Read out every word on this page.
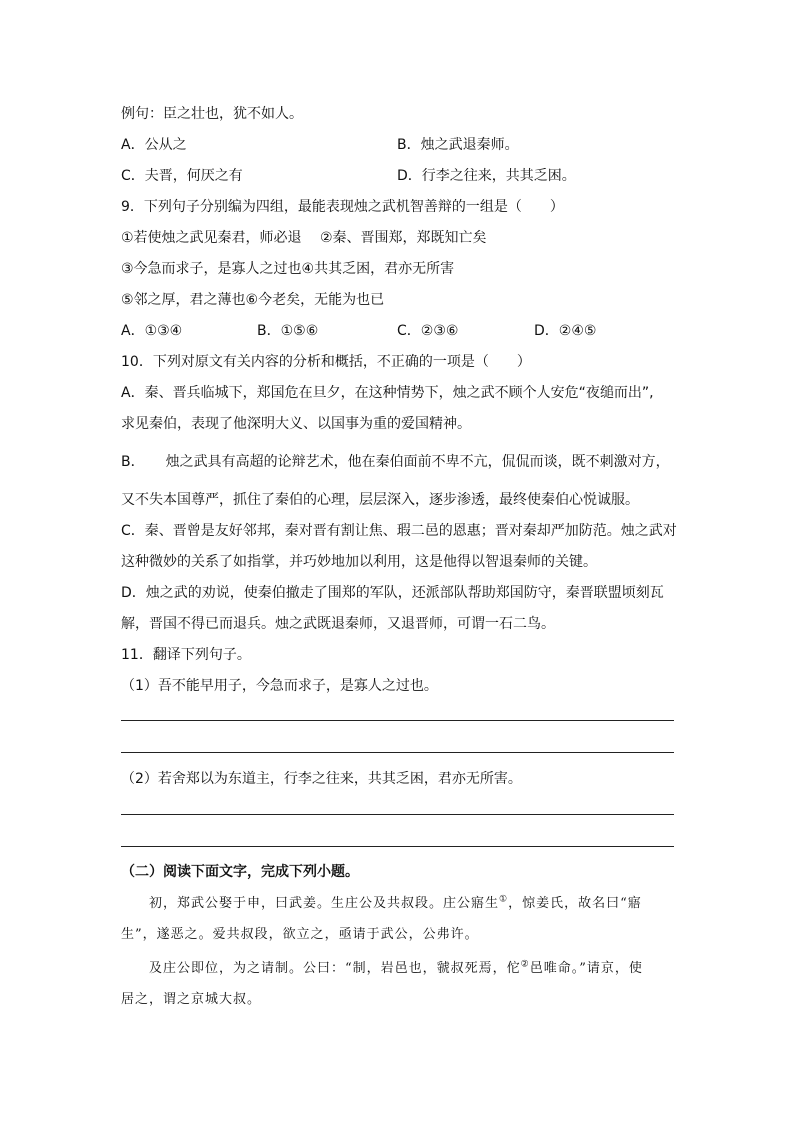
例句：臣之壮也，犹不如人。
A．公从之	B．烛之武退秦师。
C．夫晋，何厌之有	D．行李之往来，共其乏困。
9．下列句子分别编为四组，最能表现烛之武机智善辩的一组是（　　）
①若使烛之武见秦君，师必退　 ②秦、晋围郑，郑既知亡矣
③今急而求子，是寡人之过也④共其乏困，君亦无所害
⑤邻之厚，君之薄也⑥今老矣，无能为也已
A．①③④	B．①⑤⑥	C．②③⑥	D．②④⑤
10．下列对原文有关内容的分析和概括，不正确的一项是（　　）
A．秦、晋兵临城下，郑国危在旦夕，在这种情势下，烛之武不顾个人安危“夜缒而出”,
求见秦伯，表现了他深明大义、以国事为重的爱国精神。
B．　　烛之武具有高超的论辩艺术，他在秦伯面前不卑不亢，侃侃而谈，既不刺激对方，
又不失本国尊严，抓住了秦伯的心理，层层深入，逐步渗透，最终使秦伯心悦诚服。
C．秦、晋曾是友好邻邦，秦对晋有割让焦、瑕二邑的恩惠；晋对秦却严加防范。烛之武对
这种微妙的关系了如指掌，并巧妙地加以利用，这是他得以智退秦师的关键。
D．烛之武的劝说，使秦伯撤走了围郑的军队，还派部队帮助郑国防守，秦晋联盟顷刻瓦
解，晋国不得已而退兵。烛之武既退秦师，又退晋师，可谓一石二鸟。
11．翻译下列句子。
（1）吾不能早用子，今急而求子，是寡人之过也。
（2）若舍郑以为东道主，行李之往来，共其乏困，君亦无所害。
（二）阅读下面文字，完成下列小题。
初，郑武公娶于申，曰武姜。生庄公及共叔段。庄公寤生①，惊姜氏，故名曰“寤
生”，遂恶之。爱共叔段，欲立之，亟请于武公，公弗许。
及庄公即位，为之请制。公曰：“制，岩邑也，虢叔死焉，佗②邑唯命。”请京，使
居之，谓之京城大叔。
